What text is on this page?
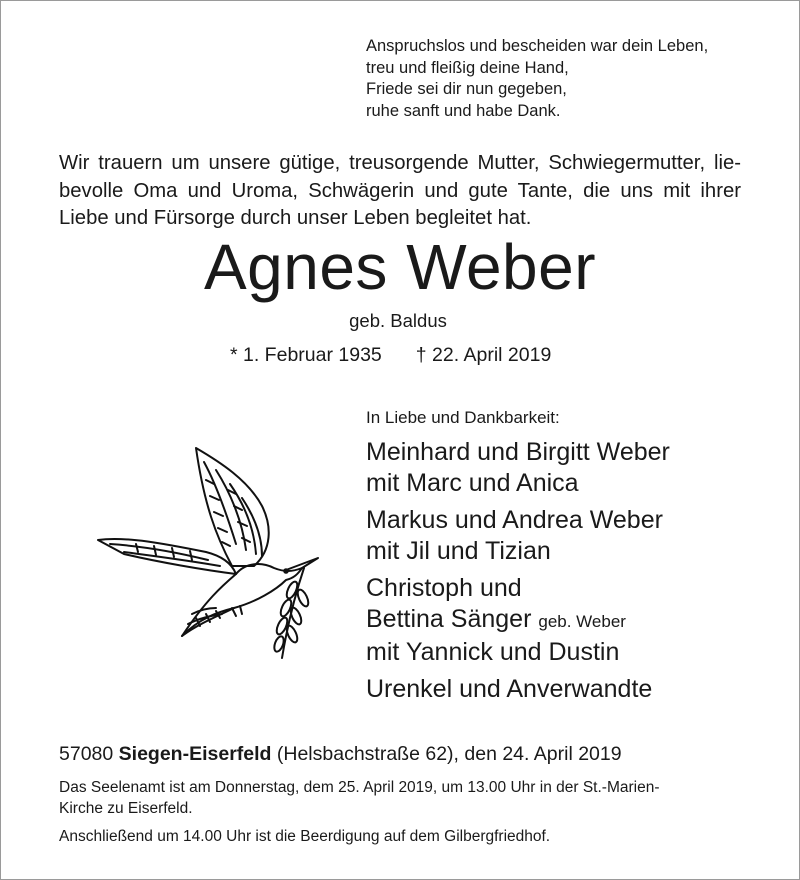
Anspruchslos und bescheiden war dein Leben,
treu und fleißig deine Hand,
Friede sei dir nun gegeben,
ruhe sanft und habe Dank.
Wir trauern um unsere gütige, treusorgende Mutter, Schwiegermutter, lie-
bevolle Oma und Uroma, Schwägerin und gute Tante, die uns mit ihrer
Liebe und Fürsorge durch unser Leben begleitet hat.
Agnes Weber
geb. Baldus
* 1. Februar 1935 † 22. April 2019
In Liebe und Dankbarkeit:
Meinhard und Birgitt Weber
mit Marc und Anica
Markus und Andrea Weber
mit Jil und Tizian
Christoph und
Bettina Sänger geb. Weber
mit Yannick und Dustin
Urenkel und Anverwandte
57080 Siegen-Eiserfeld (Helsbachstraße 62), den 24. April 2019
Das Seelenamt ist am Donnerstag, dem 25. April 2019, um 13.00 Uhr in der St.-Marien-
Kirche zu Eiserfeld.
Anschließend um 14.00 Uhr ist die Beerdigung auf dem Gilbergfriedhof.
